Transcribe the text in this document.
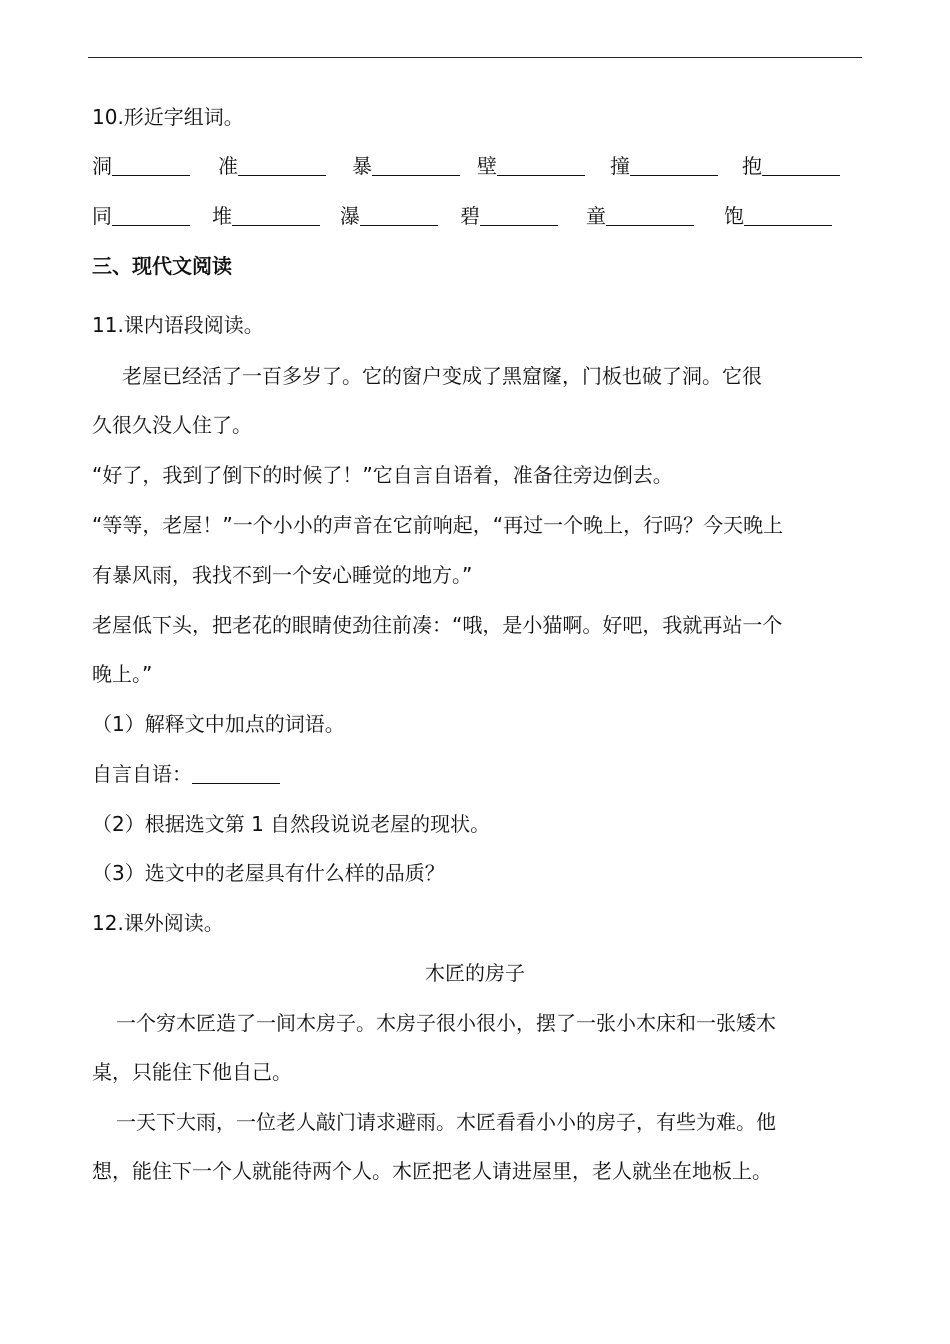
10.形近字组词。
洞	准	暴	壁	撞	抱
同	堆	瀑	碧	童	饱
三、现代文阅读
11.课内语段阅读。
老屋已经活了一百多岁了。它的窗户变成了黑窟窿，门板也破了洞。它很
久很久没人住了。
“好了，我到了倒下的时候了！”它自言自语着，准备往旁边倒去。
“等等，老屋！”一个小小的声音在它前响起，“再过一个晚上，行吗？今天晚上
有暴风雨，我找不到一个安心睡觉的地方。”
老屋低下头，把老花的眼睛使劲往前凑：“哦，是小猫啊。好吧，我就再站一个
晚上。”
（1）解释文中加点的词语。
自言自语：
（2）根据选文第 1 自然段说说老屋的现状。
（3）选文中的老屋具有什么样的品质？
12.课外阅读。
木匠的房子
一个穷木匠造了一间木房子。木房子很小很小，摆了一张小木床和一张矮木
桌，只能住下他自己。
一天下大雨，一位老人敲门请求避雨。木匠看看小小的房子，有些为难。他
想，能住下一个人就能待两个人。木匠把老人请进屋里，老人就坐在地板上。
